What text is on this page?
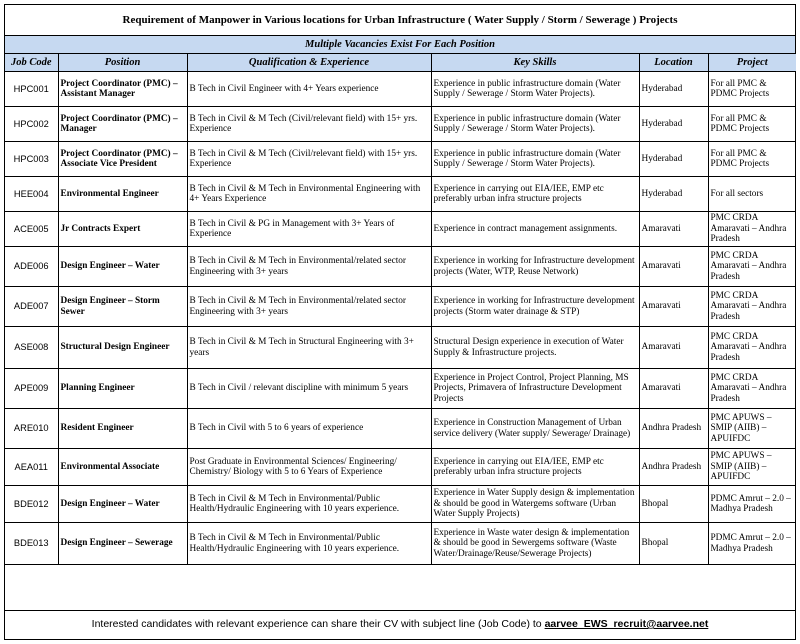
Requirement of Manpower in Various locations for Urban Infrastructure ( Water Supply / Storm / Sewerage ) Projects
Multiple Vacancies Exist For Each Position
Job Code	Position	Qualification & Experience	Key Skills	Location	Project
HPC001	Project Coordinator (PMC) – Assistant Manager	B Tech in Civil Engineer with 4+ Years experience	Experience in public infrastructure domain (Water Supply / Sewerage / Storm Water Projects).	Hyderabad	For all PMC & PDMC Projects
HPC002	Project Coordinator (PMC) – Manager	B Tech in Civil & M Tech (Civil/relevant field) with 15+ yrs. Experience	Experience in public infrastructure domain (Water Supply / Sewerage / Storm Water Projects).	Hyderabad	For all PMC & PDMC Projects
HPC003	Project Coordinator (PMC) – Associate Vice President	B Tech in Civil & M Tech (Civil/relevant field) with 15+ yrs. Experience	Experience in public infrastructure domain (Water Supply / Sewerage / Storm Water Projects).	Hyderabad	For all PMC & PDMC Projects
HEE004	Environmental Engineer	B Tech in Civil & M Tech in Environmental Engineering with 4+ Years Experience	Experience in carrying out EIA/IEE, EMP etc preferably urban infra structure projects	Hyderabad	For all sectors
ACE005	Jr Contracts Expert	B Tech in Civil & PG in Management with 3+ Years of Experience	Experience in contract management assignments.	Amaravati	PMC CRDA Amaravati – Andhra Pradesh
ADE006	Design Engineer – Water	B Tech in Civil & M Tech in Environmental/related sector Engineering with 3+ years	Experience in working for Infrastructure development projects (Water, WTP, Reuse Network)	Amaravati	PMC CRDA Amaravati – Andhra Pradesh
ADE007	Design Engineer – Storm Sewer	B Tech in Civil & M Tech in Environmental/related sector Engineering with 3+ years	Experience in working for Infrastructure development projects (Storm water drainage & STP)	Amaravati	PMC CRDA Amaravati – Andhra Pradesh
ASE008	Structural Design Engineer	B Tech in Civil & M Tech in Structural Engineering with 3+ years	Structural Design experience in execution of Water Supply & Infrastructure projects.	Amaravati	PMC CRDA Amaravati – Andhra Pradesh
APE009	Planning Engineer	B Tech in Civil / relevant discipline with minimum 5 years	Experience in Project Control, Project Planning, MS Projects, Primavera of Infrastructure Development Projects	Amaravati	PMC CRDA Amaravati – Andhra Pradesh
ARE010	Resident Engineer	B Tech in Civil with 5 to 6 years of experience	Experience in Construction Management of Urban service delivery (Water supply/ Sewerage/ Drainage)	Andhra Pradesh	PMC APUWS – SMIP (AIIB) – APUIFDC
AEA011	Environmental Associate	Post Graduate in Environmental Sciences/ Engineering/ Chemistry/ Biology with 5 to 6 Years of Experience	Experience in carrying out EIA/IEE, EMP etc preferably urban infra structure projects	Andhra Pradesh	PMC APUWS – SMIP (AIIB) – APUIFDC
BDE012	Design Engineer – Water	B Tech in Civil & M Tech in Environmental/Public Health/Hydraulic Engineering with 10 years experience.	Experience in Water Supply design & implementation & should be good in Watergems software (Urban Water Supply Projects)	Bhopal	PDMC Amrut – 2.0 – Madhya Pradesh
BDE013	Design Engineer – Sewerage	B Tech in Civil & M Tech in Environmental/Public Health/Hydraulic Engineering with 10 years experience.	Experience in Waste water design & implementation & should be good in Sewergems software (Waste Water/Drainage/Reuse/Sewerage Projects)	Bhopal	PDMC Amrut – 2.0 – Madhya Pradesh
Interested candidates with relevant experience can share their CV with subject line (Job Code) to aarvee_EWS_recruit@aarvee.net
